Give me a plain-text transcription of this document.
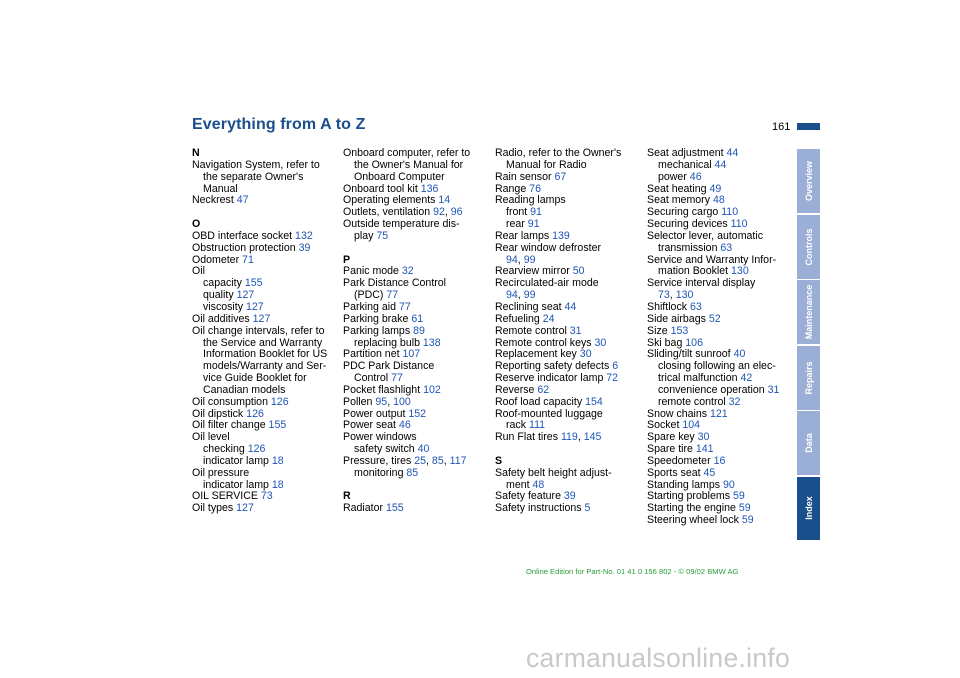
Everything from A to Z	161
N
Navigation System, refer to
the separate Owner's
Manual
Neckrest 47
O
OBD interface socket 132
Obstruction protection 39
Odometer 71
Oil
capacity 155
quality 127
viscosity 127
Oil additives 127
Oil change intervals, refer to
the Service and Warranty
Information Booklet for US
models/Warranty and Ser-
vice Guide Booklet for
Canadian models
Oil consumption 126
Oil dipstick 126
Oil filter change 155
Oil level
checking 126
indicator lamp 18
Oil pressure
indicator lamp 18
OIL SERVICE 73
Oil types 127
Onboard computer, refer to
the Owner's Manual for
Onboard Computer
Onboard tool kit 136
Operating elements 14
Outlets, ventilation 92, 96
Outside temperature dis-
play 75
P
Panic mode 32
Park Distance Control
(PDC) 77
Parking aid 77
Parking brake 61
Parking lamps 89
replacing bulb 138
Partition net 107
PDC Park Distance
Control 77
Pocket flashlight 102
Pollen 95, 100
Power output 152
Power seat 46
Power windows
safety switch 40
Pressure, tires 25, 85, 117
monitoring 85
R
Radiator 155
Radio, refer to the Owner's
Manual for Radio
Rain sensor 67
Range 76
Reading lamps
front 91
rear 91
Rear lamps 139
Rear window defroster
94, 99
Rearview mirror 50
Recirculated-air mode
94, 99
Reclining seat 44
Refueling 24
Remote control 31
Remote control keys 30
Replacement key 30
Reporting safety defects 6
Reserve indicator lamp 72
Reverse 62
Roof load capacity 154
Roof-mounted luggage
rack 111
Run Flat tires 119, 145
S
Safety belt height adjust-
ment 48
Safety feature 39
Safety instructions 5
Seat adjustment 44
mechanical 44
power 46
Seat heating 49
Seat memory 48
Securing cargo 110
Securing devices 110
Selector lever, automatic
transmission 63
Service and Warranty Infor-
mation Booklet 130
Service interval display
73, 130
Shiftlock 63
Side airbags 52
Size 153
Ski bag 106
Sliding/tilt sunroof 40
closing following an elec-
trical malfunction 42
convenience operation 31
remote control 32
Snow chains 121
Socket 104
Spare key 30
Spare tire 141
Speedometer 16
Sports seat 45
Standing lamps 90
Starting problems 59
Starting the engine 59
Steering wheel lock 59
Overview
Controls
Maintenance
Repairs
Data
Index
Online Edition for Part-No. 01 41 0 156 802 - © 09/02 BMW AG
carmanualsonline.info
